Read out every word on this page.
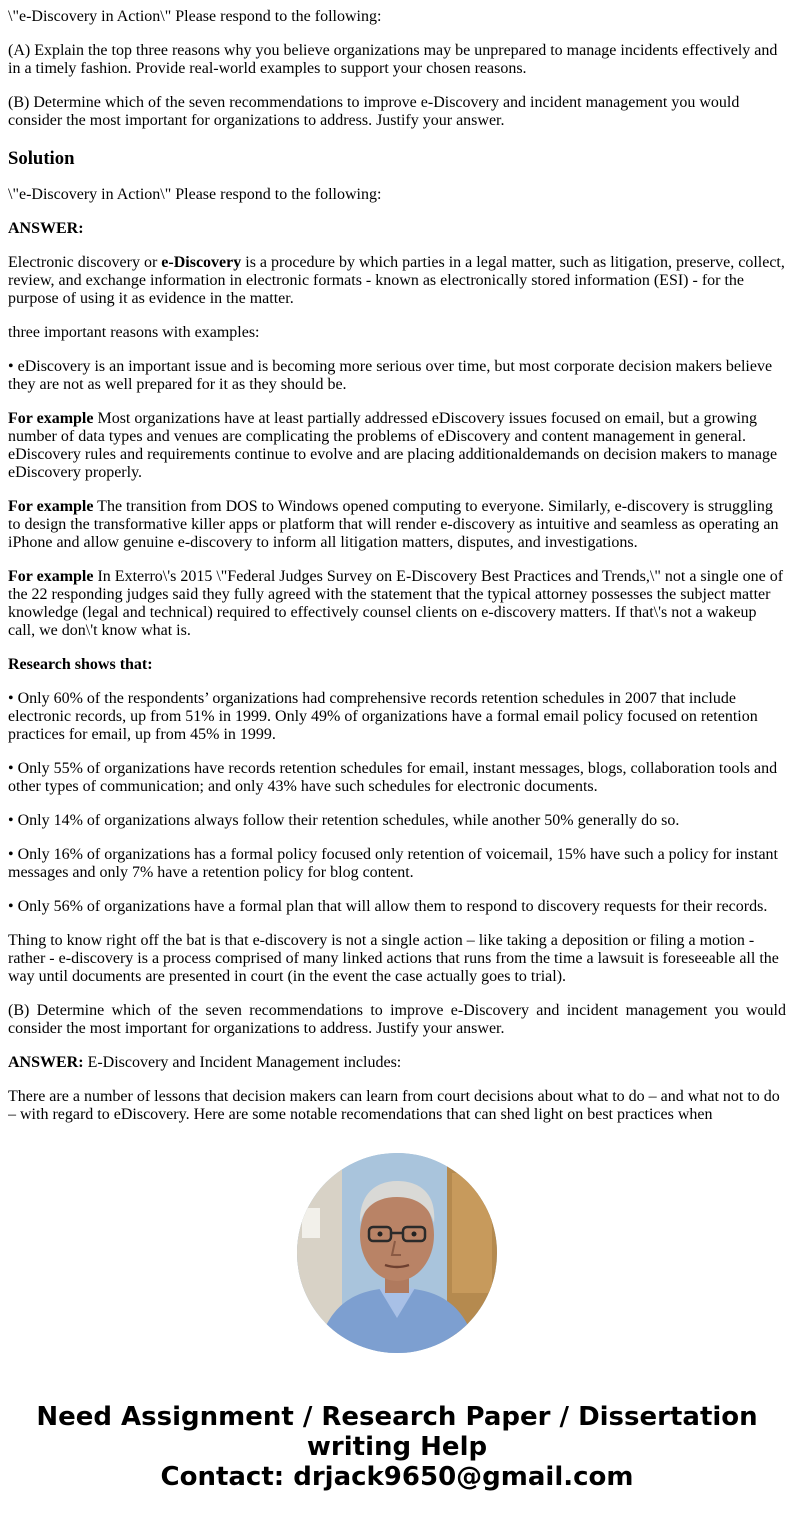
\"e-Discovery in Action\" Please respond to the following:

(A) Explain the top three reasons why you believe organizations may be unprepared to manage incidents effectively and in a timely fashion. Provide real-world examples to support your chosen reasons.

(B) Determine which of the seven recommendations to improve e-Discovery and incident management you would consider the most important for organizations to address. Justify your answer.

Solution

\"e-Discovery in Action\" Please respond to the following:

ANSWER:

Electronic discovery or e-Discovery is a procedure by which parties in a legal matter, such as litigation, preserve, collect, review, and exchange information in electronic formats - known as electronically stored information (ESI) - for the purpose of using it as evidence in the matter.

three important reasons with examples:

• eDiscovery is an important issue and is becoming more serious over time, but most corporate decision makers believe they are not as well prepared for it as they should be.

For example Most organizations have at least partially addressed eDiscovery issues focused on email, but a growing number of data types and venues are complicating the problems of eDiscovery and content management in general. eDiscovery rules and requirements continue to evolve and are placing additionaldemands on decision makers to manage eDiscovery properly.

For example The transition from DOS to Windows opened computing to everyone. Similarly, e-discovery is struggling to design the transformative killer apps or platform that will render e-discovery as intuitive and seamless as operating an iPhone and allow genuine e-discovery to inform all litigation matters, disputes, and investigations.

For example In Exterro\'s 2015 \"Federal Judges Survey on E-Discovery Best Practices and Trends,\" not a single one of the 22 responding judges said they fully agreed with the statement that the typical attorney possesses the subject matter knowledge (legal and technical) required to effectively counsel clients on e-discovery matters. If that\'s not a wakeup call, we don\'t know what is.

Research shows that:

• Only 60% of the respondents’ organizations had comprehensive records retention schedules in 2007 that include electronic records, up from 51% in 1999. Only 49% of organizations have a formal email policy focused on retention practices for email, up from 45% in 1999.

• Only 55% of organizations have records retention schedules for email, instant messages, blogs, collaboration tools and other types of communication; and only 43% have such schedules for electronic documents.

• Only 14% of organizations always follow their retention schedules, while another 50% generally do so.

• Only 16% of organizations has a formal policy focused only retention of voicemail, 15% have such a policy for instant messages and only 7% have a retention policy for blog content.

• Only 56% of organizations have a formal plan that will allow them to respond to discovery requests for their records.

Thing to know right off the bat is that e-discovery is not a single action – like taking a deposition or filing a motion - rather - e-discovery is a process comprised of many linked actions that runs from the time a lawsuit is foreseeable all the way until documents are presented in court (in the event the case actually goes to trial).

(B) Determine which of the seven recommendations to improve e-Discovery and incident management you would consider the most important for organizations to address. Justify your answer.

ANSWER: E-Discovery and Incident Management includes:

There are a number of lessons that decision makers can learn from court decisions about what to do – and what not to do – with regard to eDiscovery. Here are some notable recomendations that can shed light on best practices when

Need Assignment / Research Paper / Dissertation
writing Help
Contact: drjack9650@gmail.com
